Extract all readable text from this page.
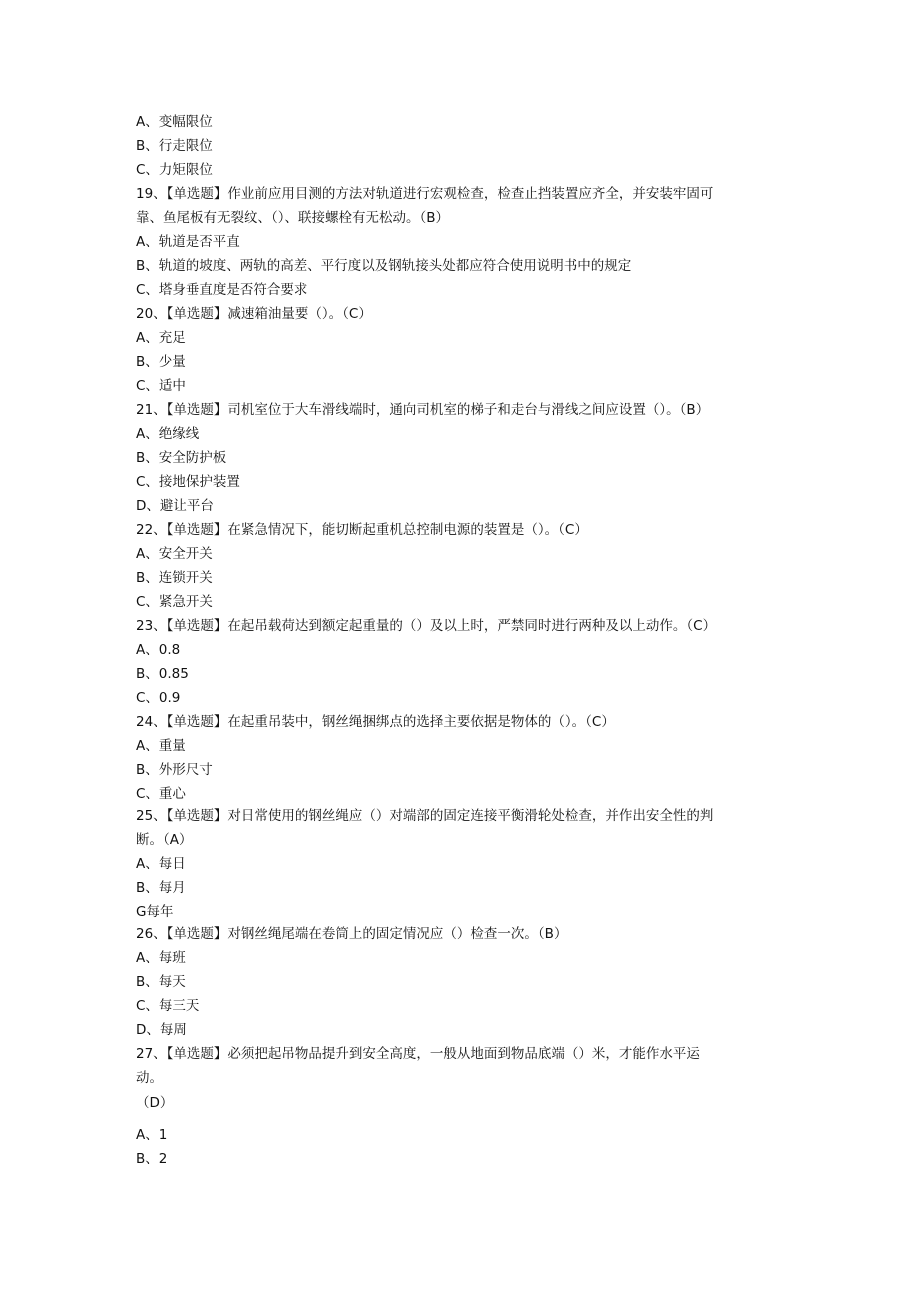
A、变幅限位
B、行走限位
C、力矩限位
19、【单选题】作业前应用目测的方法对轨道进行宏观检查，检查止挡装置应齐全，并安装牢固可
靠、鱼尾板有无裂纹、（）、联接螺栓有无松动。（B）
A、轨道是否平直
B、轨道的坡度、两轨的高差、平行度以及钢轨接头处都应符合使用说明书中的规定
C、塔身垂直度是否符合要求
20、【单选题】减速箱油量要（）。（C）
A、充足
B、少量
C、适中
21、【单选题】司机室位于大车滑线端时，通向司机室的梯子和走台与滑线之间应设置（）。（B）
A、绝缘线
B、安全防护板
C、接地保护装置
D、避让平台
22、【单选题】在紧急情况下，能切断起重机总控制电源的装置是（）。（C）
A、安全开关
B、连锁开关
C、紧急开关
23、【单选题】在起吊载荷达到额定起重量的（）及以上时，严禁同时进行两种及以上动作。（C）
A、0.8
B、0.85
C、0.9
24、【单选题】在起重吊装中，钢丝绳捆绑点的选择主要依据是物体的（）。（C）
A、重量
B、外形尺寸
C、重心
25、【单选题】对日常使用的钢丝绳应（）对端部的固定连接平衡滑轮处检查，并作出安全性的判
断。（A）
A、每日
B、每月
G每年
26、【单选题】对钢丝绳尾端在卷筒上的固定情况应（）检查一次。（B）
A、每班
B、每天
C、每三天
D、每周
27、【单选题】必须把起吊物品提升到安全高度，一般从地面到物品底端（）米，才能作水平运
动。
（D）
A、1
B、2
